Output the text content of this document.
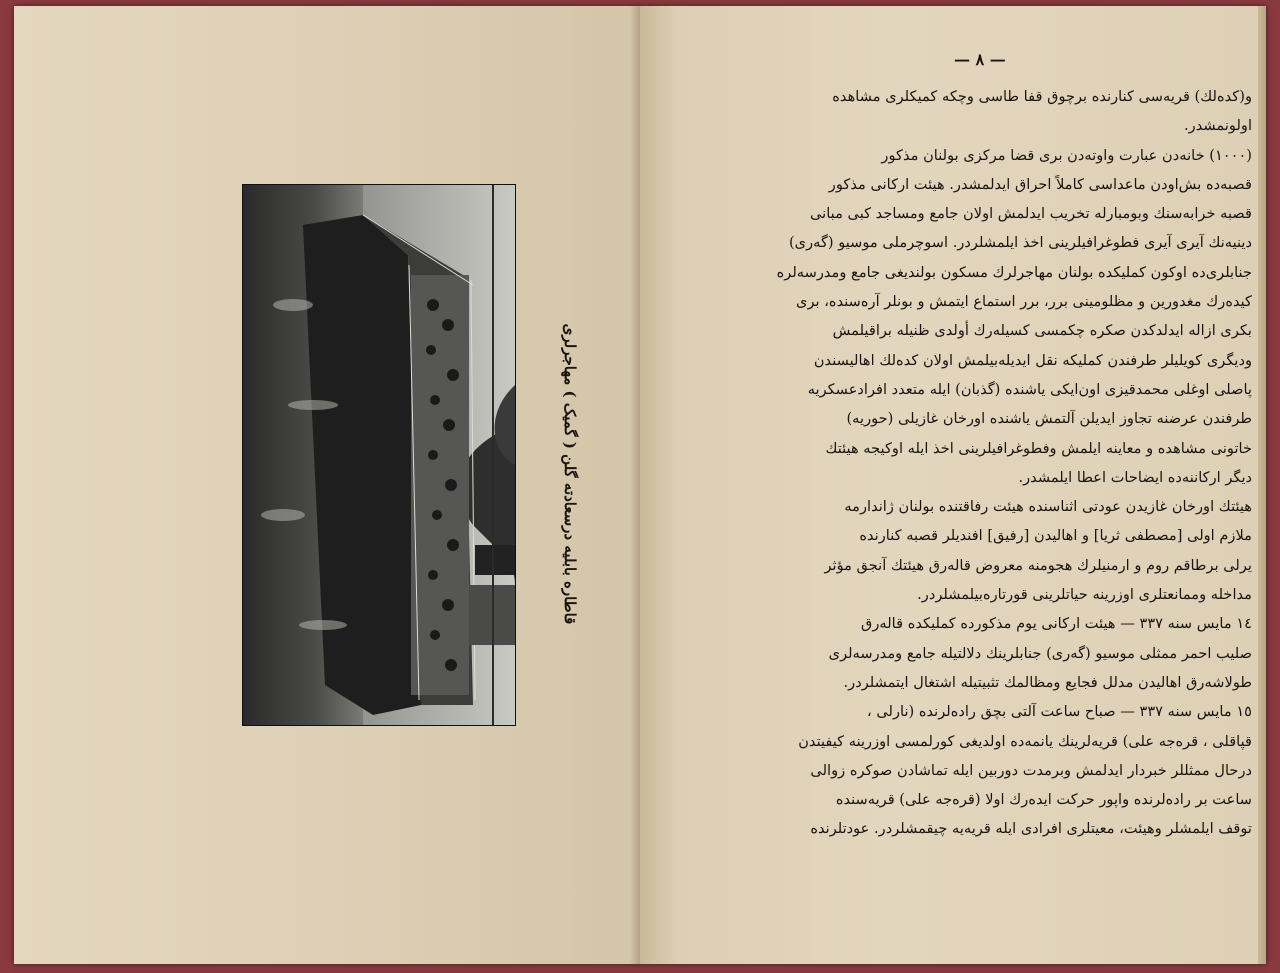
قاطاره بابلیه درسعادته گلن ( گمیک ) مهاجرلری
— ٨ —
و(كده‌لك) قریه‌سی كنارنده برچوق قفا طاسی وچكه كمیكلری مشاهده
اولونمشدر.
(١٠٠٠) خانه‌دن عبارت واوته‌دن بری قضا مركزی بولنان مذكور
قصبه‌ده بش‌اودن ماعداسی كاملاً احراق ایدلمشدر. هیئت اركانی مذكور
قصبه خرابه‌سنك وبومبارله تخریب ایدلمش اولان جامع ومساجد كبی مبانی
دینیه‌نك آیری آیری فطوغرافیلرینی اخذ ایلمشلردر. اسوچرملی موسیو (گه‌ری)
جنابلری‌ده اوكون كملیكده بولنان مهاجرلرك مسكون بولندیغی جامع ومدرسه‌لره
كیده‌رك مغدورین و مظلومینی برر، برر استماع ایتمش و بونلر آره‌سنده، بری
بكری ازاله ایدلدكدن صكره چكمسی كسیله‌رك أولدی ظنیله براقیلمش
ودیگری كویلیلر طرفندن كملیكه نقل ایدیله‌بیلمش اولان كده‌لك اهالیسندن
پاصلی اوغلی محمدقیزی اون‌ایكی یاشنده (گذبان) ایله متعدد افرادعسكریه
طرفندن عرضنه تجاوز ایدیلن آلتمش یاشنده اورخان غازیلی (حوریه)
خاتونی مشاهده و معاینه ایلمش وفطوغرافیلرینی اخذ ایله اوكیجه هیئتك
دیگر اركاننه‌ده ایضاحات اعطا ایلمشدر.
هیئتك اورخان غازیدن عودتی اثناسنده هیئت رفاقتنده بولنان ژاندارمه
ملازم اولی [مصطفی ثریا] و اهالیدن [رفیق] افندیلر قصبه كنارنده
یرلی برطاقم روم و ارمنیلرك هجومنه معروض قاله‌رق هیئتك آنجق مؤثر
مداخله وممانعتلری اوزرینه حیاتلرینی قورتاره‌بیلمشلردر.
١٤ مایس سنه ٣٣٧ — هیئت اركانی یوم مذكورده كملیكده قاله‌رق
صلیب احمر ممثلی موسیو (گه‌ری) جنابلرینك دلالتیله جامع ومدرسه‌لری
طولاشه‌رق اهالیدن مدلل فجایع ومظالمك تثبیتیله اشتغال ایتمشلردر.
١٥ مایس سنه ٣٣٧ — صباح ساعت آلتی بچق رادە‌لرنده (نارلی ،
قپاقلی ، قره‌جه علی) قریه‌لرینك یانمه‌ده اولدیغی كورلمسی اوزرینه كیفیتدن
درحال ممثللر خبردار ایدلمش وبرمدت دوربین ایله تماشادن صوكره زوالی
ساعت بر راده‌لرنده واپور حركت ایده‌رك اولا (قره‌جه علی) قریه‌سنده
توقف ایلمشلر وهیئت، معیتلری افرادی ایله قریه‌یه چیقمشلردر. عودتلرنده
